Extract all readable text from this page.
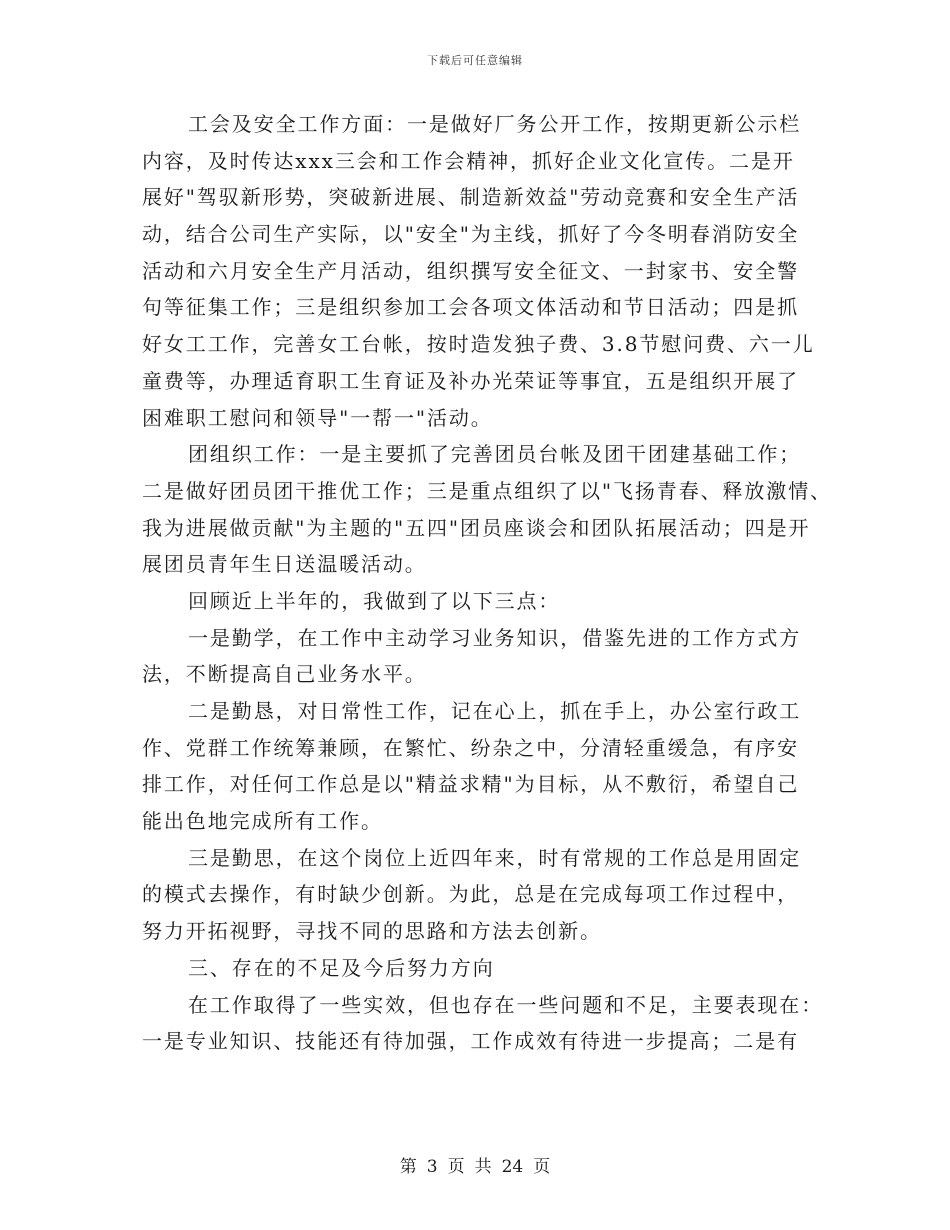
下载后可任意编辑
工会及安全工作方面：一是做好厂务公开工作，按期更新公示栏
内容，及时传达xxx三会和工作会精神，抓好企业文化宣传。二是开
展好"驾驭新形势，突破新进展、制造新效益"劳动竞赛和安全生产活
动，结合公司生产实际，以"安全"为主线，抓好了今冬明春消防安全
活动和六月安全生产月活动，组织撰写安全征文、一封家书、安全警
句等征集工作；三是组织参加工会各项文体活动和节日活动；四是抓
好女工工作，完善女工台帐，按时造发独子费、3.8节慰问费、六一儿
童费等，办理适育职工生育证及补办光荣证等事宜，五是组织开展了
困难职工慰问和领导"一帮一"活动。
团组织工作：一是主要抓了完善团员台帐及团干团建基础工作；
二是做好团员团干推优工作；三是重点组织了以"飞扬青春、释放激情、
我为进展做贡献"为主题的"五四"团员座谈会和团队拓展活动；四是开
展团员青年生日送温暖活动。
回顾近上半年的，我做到了以下三点：
一是勤学，在工作中主动学习业务知识，借鉴先进的工作方式方
法，不断提高自己业务水平。
二是勤恳，对日常性工作，记在心上，抓在手上，办公室行政工
作、党群工作统筹兼顾，在繁忙、纷杂之中，分清轻重缓急，有序安
排工作，对任何工作总是以"精益求精"为目标，从不敷衍，希望自己
能出色地完成所有工作。
三是勤思，在这个岗位上近四年来，时有常规的工作总是用固定
的模式去操作，有时缺少创新。为此，总是在完成每项工作过程中，
努力开拓视野，寻找不同的思路和方法去创新。
三、存在的不足及今后努力方向
在工作取得了一些实效，但也存在一些问题和不足，主要表现在：
一是专业知识、技能还有待加强，工作成效有待进一步提高；二是有
第 3 页 共 24 页
